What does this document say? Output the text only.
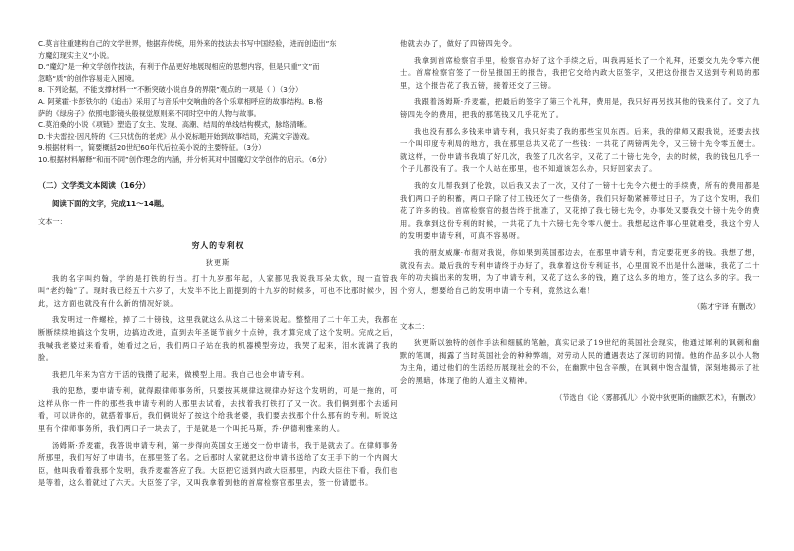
C.莫言往重建构自己的文学世界，他据弃传统，用外来的技法去书写中国经验，进而创造出“东
方魔幻现实主义”小说。
D.“魔幻”是一种文学创作技法，有利于作品更好地展现相应的思想内容，但是只重“文”而
忽略“质”的创作容易走入困境。
8. 下列论据，不能支撑材料一“不断突破小说自身的界限”观点的一项是（ ）（3分）
A. 阿莱霍·卡彭铁尔的《追击》采用了与音乐中交响曲的各个乐章相呼应的故事结构。B.格
萨的《绿房子》依照电影镜头般视觉原则来不同时空中的人物与故事。
C.莫泊桑的小说《项链》塑造了女主、发现、高潮、结局的单线结构模式，脉络清晰。
D.卡夫雷拉·因凡特的《三只忧伤的老虎》从小说标题开始到故事结局，充满文字游戏。
9.根据材料一，简要概括20世纪60年代后拉美小说的主要特征。（3分）
10.根据材料解释“和而不同”创作理念的内涵，并分析其对中国魔幻文学创作的启示。（6分）
（二）文学类文本阅读（16分）
阅读下面的文字，完成11～14题。
文本一：
穷人的专利权
狄更斯
我的名字叫约翰，学的是打铁的行当。打十九岁那年起，人家都见我说我耳朵太软，现一直管我叫“老约翰”了。现时我已经五十六岁了，大发半不比上面提到的十九岁的时候多，可也不比那时候少，因此，这方面也就没有什么新的情况好谈。
我发明过一件螺栓，掉了二十镑钱，这里我就这么从这二十镑来说起。整整用了二十年工夫，我都在断断续续地搞这个发明，边搞边改进，直到去年圣诞节前夕十点钟，我才算完成了这个发明。完成之后，我喊我老婆过来看看，她看过之后，我们两口子站在我的机器模型旁边，我哭了起来，泪水流满了我的脸。
我把几年来为官方干活的钱攒了起来，做模型上用。我自己也会申请专利。
我的犯愁，要申请专利，就得跟律师事务所，只要按其规律这规律办好这个发明的，可是一拖的，可这样从你一件一件的那些我申请专利的人那里去试看，去找着我打铁打了又一次。我们俩到那个去遥问看，可以讲你的，就搭着事后，我们俩说好了按这个给我老婆，我们要去找那个什么那有的专利。听说这里有个律师事务所，我们两口子一块去了，于是就是一个叫托马斯，乔·伊德利雅来的人。
汤姆斯·乔麦霍，我答说申请专利，第一步得向英国女王递交一份申请书，我于是就去了。在律师事务所那里，我们写好了申请书，在那里签了名。之后那时人家就把这份申请书送给了女王手下的一个内阁大臣，他叫我看着我那个发明，我乔麦霍答应了我。大臣把它送到内政大臣那里，内政大臣往下看，我们也是等着，这么着就过了六天。大臣签了字，又叫我拿着到他的首席检察官那里去，签一份请愿书。
他就去办了，做好了四镑四先令。
我拿到首席检察官手里，检察官办好了这个手续之后，叫我再延长了一个礼拜，还要交九先令零六便士。首席检察官签了一份呈报国王的报告，我把它交给内政大臣签字，又把这份报告又送到专利局的那里，这个报告花了我五镑，接着还交了三镑。
我跟着汤姆斯·乔麦霍，把最后的签字了第三个礼拜，费用是，我只好再另找其他的钱来付了。交了九镑四先令的费用，把我的那笔钱又几乎花光了。
我也没有那么多钱来申请专利，我只好卖了我的那些宝贝东西。后来，我的律师又跟我说，还要去找一个叫印度专利局的地方，我在那里总共又花了一些钱：一共花了两镑两先令，又三镑十先令零五便士。就这样，一份申请书我填了好几次，我签了几次名字，又花了二十镑七先令，去的时候，我的钱包几乎一个子儿都没有了。我一个人站在那里，也不知道该怎么办，只好回家去了。
我的女儿帮我到了伦敦，以后我又去了一次，又付了一镑十七先令六便士的手续费，所有的费用都是我们两口子的积蓄，两口子除了付工钱还欠了一些债务，我们只好勒紧裤带过日子，为了这个发明，我们花了许多的钱。首席检察官的报告终于批准了，又花掉了我七镑七先令，办事处又要我交十镑十先令的费用。我拿到这份专利的时候，一共花了九十六镑七先令零八便士。我想起这件事心里就难受，我这个穷人的发明要申请专利，可真不容易呀。
我的朋友威廉·布彻对我说，你如果到英国那边去，在那里申请专利，肯定要花更多的钱。我想了想，就没有去。最后我的专利申请终于办好了，我拿着这份专利证书，心里面说不出是什么滋味，我花了二十年的功夫搞出来的发明，为了申请专利，又花了这么多的钱，跑了这么多的地方，签了这么多的字。我一个穷人，想要给自己的发明申请一个专利，竟然这么难！
（陈才宇译 有删改）
文本二：
狄更斯以独特的创作手法和细腻的笔触，真实记录了19世纪的英国社会现实，他通过犀利的讽刺和幽默的笔调，揭露了当时英国社会的种种弊端，对劳动人民的遭遇表达了深切的同情。他的作品多以小人物为主角，通过他们的生活经历展现社会的不公，在幽默中包含辛酸，在讽刺中饱含温情，深刻地揭示了社会的黑暗，体现了他的人道主义精神。
（节选自《论〈雾都孤儿〉小说中狄更斯的幽默艺术》，有删改）
